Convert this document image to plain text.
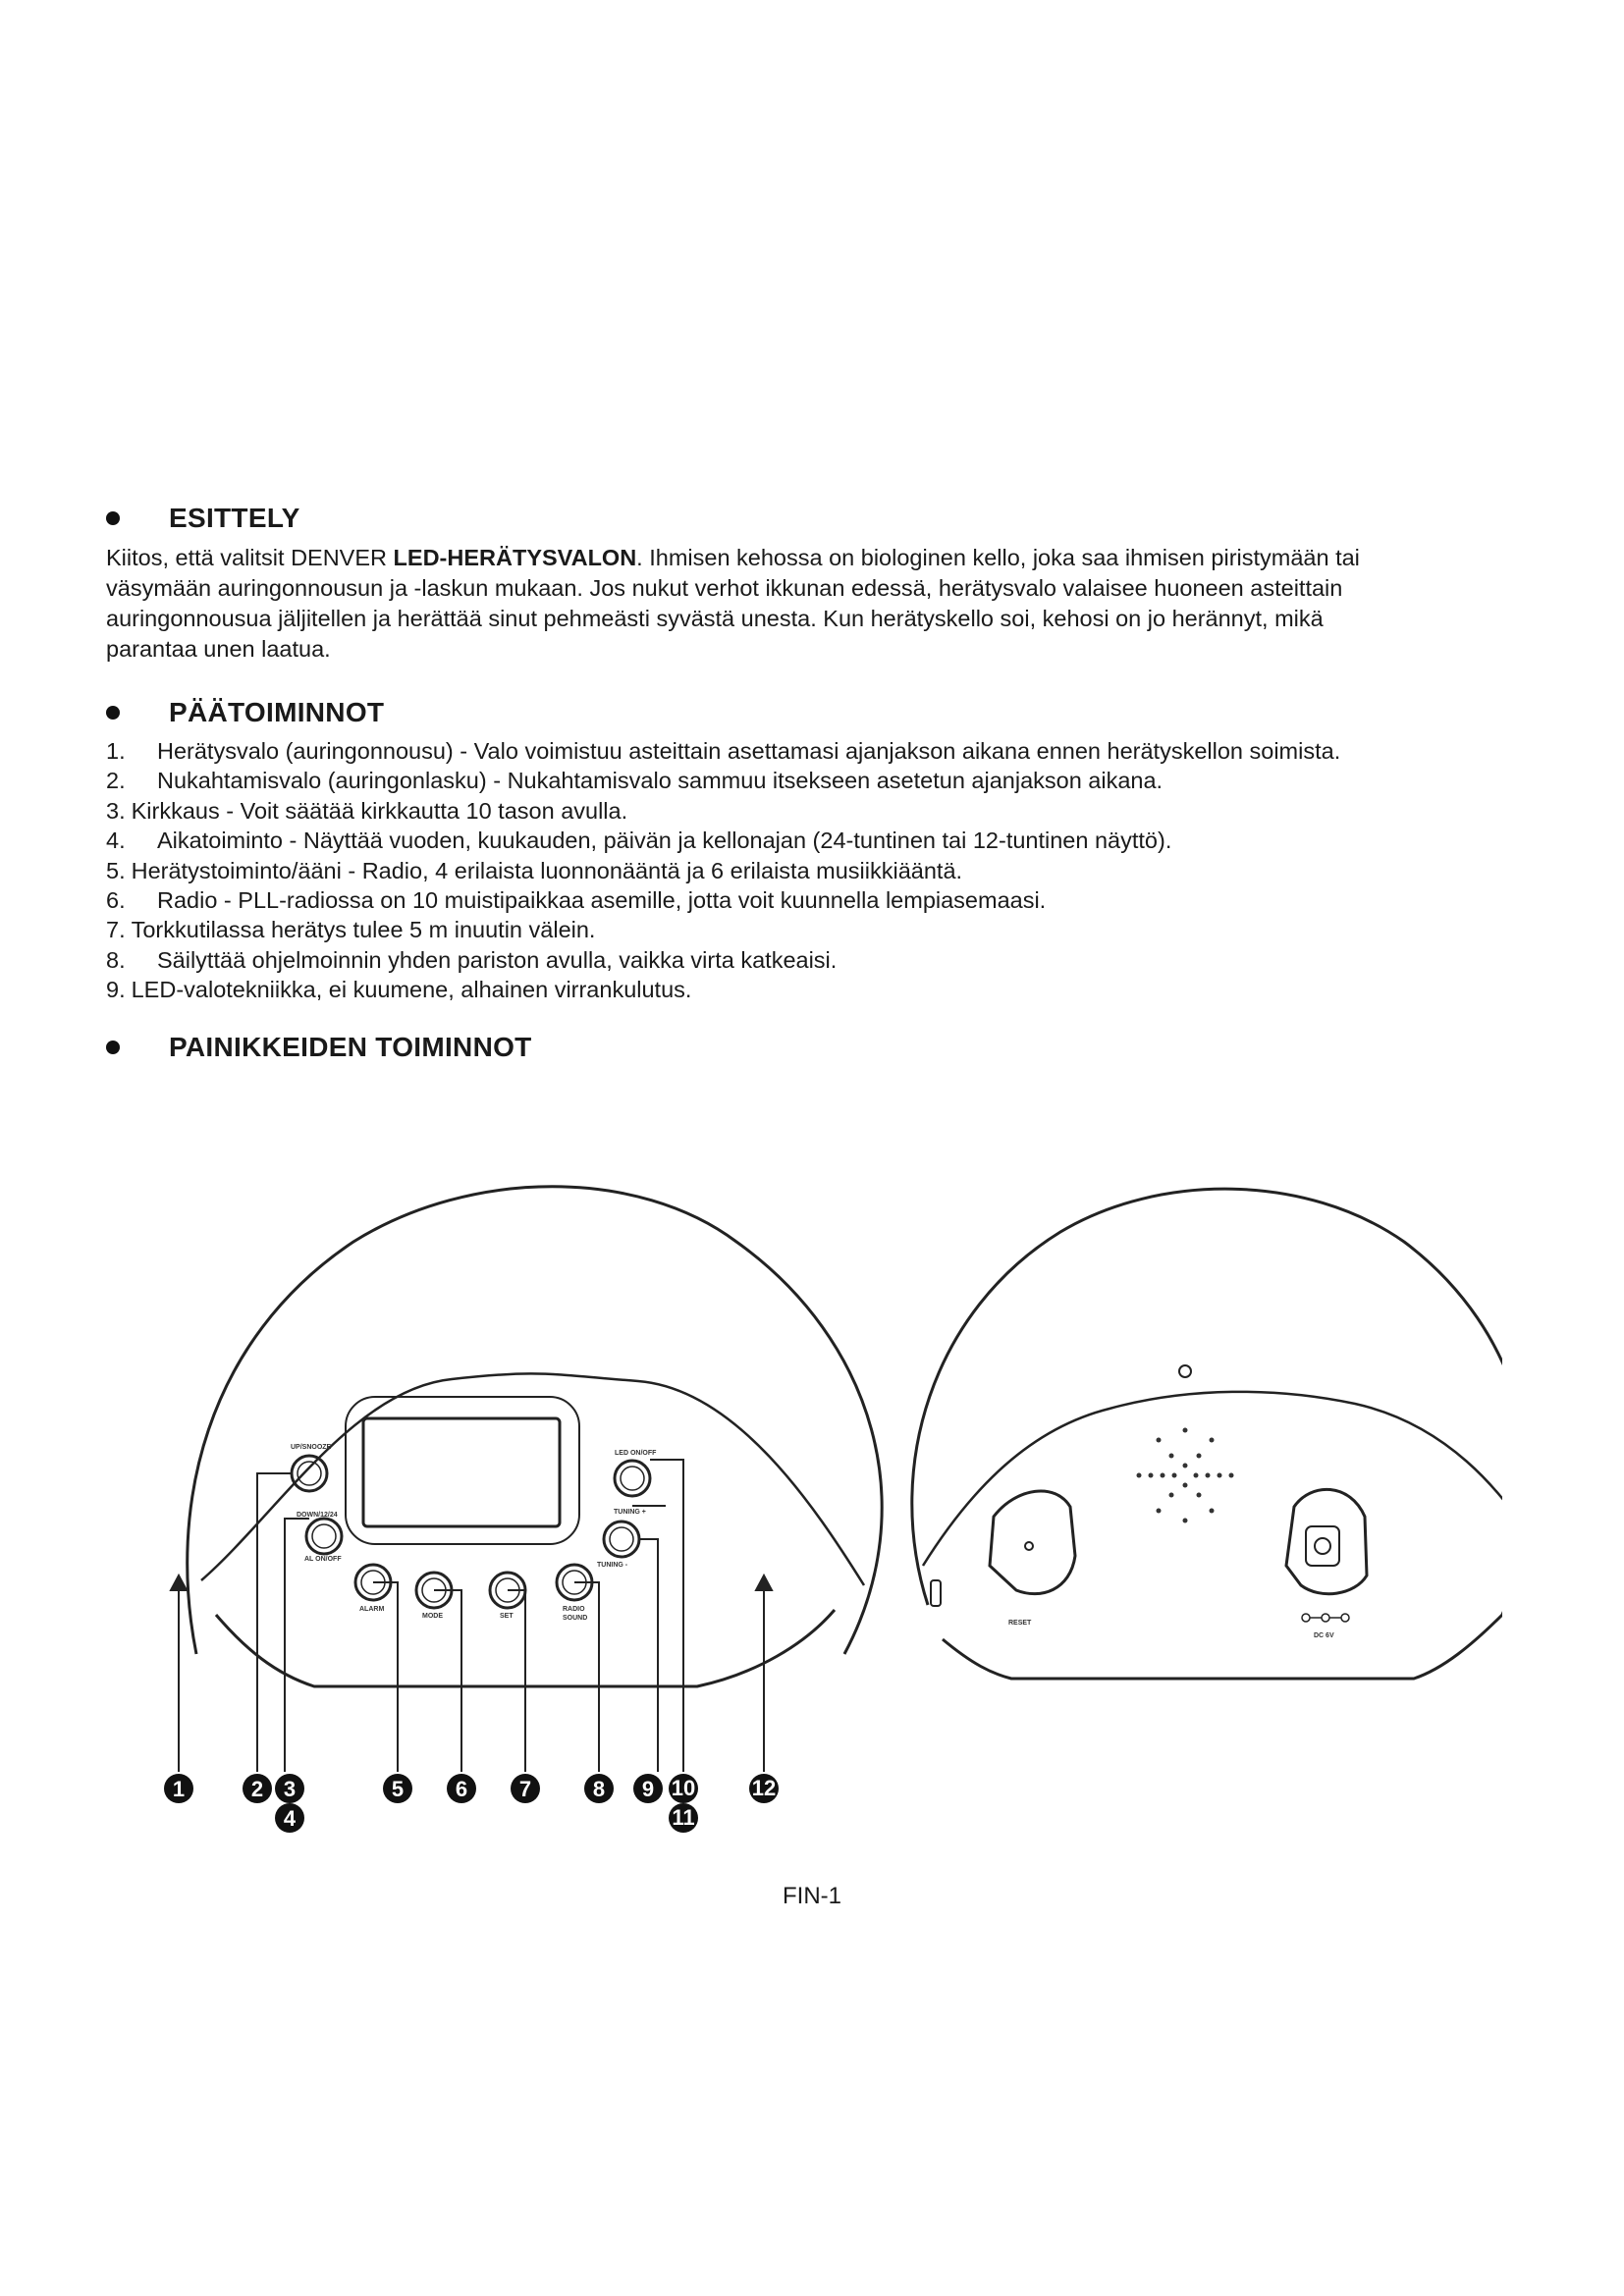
ESITTELY

Kiitos, että valitsit DENVER LED-HERÄTYSVALON. Ihmisen kehossa on biologinen kello, joka saa ihmisen piristymään tai

väsymään auringonnousun ja -laskun mukaan. Jos nukut verhot ikkunan edessä, herätysvalo valaisee huoneen asteittain

auringonnousua jäljitellen ja herättää sinut pehmeästi syvästä unesta. Kun herätyskello soi, kehosi on jo herännyt, mikä

parantaa unen laatua.

PÄÄTOIMINNOT
1.	Herätysvalo (auringonnousu) - Valo voimistuu asteittain asettamasi ajanjakson aikana ennen herätyskellon soimista.
2.	Nukahtamisvalo (auringonlasku) - Nukahtamisvalo sammuu itsekseen asetetun ajanjakson aikana.
3. Kirkkaus - Voit säätää kirkkautta 10 tason avulla.
4.	Aikatoiminto - Näyttää vuoden, kuukauden, päivän ja kellonajan (24-tuntinen tai 12-tuntinen näyttö).
5. Herätystoiminto/ääni - Radio, 4 erilaista luonnonääntä ja 6 erilaista musiikkiääntä.
6.	Radio - PLL-radiossa on 10 muistipaikkaa asemille, jotta voit kuunnella lempiasemaasi.
7. Torkkutilassa herätys tulee 5 m inuutin välein.
8.	Säilyttää ohjelmoinnin yhden pariston avulla, vaikka virta katkeaisi.
9. LED-valotekniikka, ei kuumene, alhainen virrankulutus.
PAINIKKEIDEN TOIMINNOT
UP/SNOOZE
DOWN/12/24
AL ON/OFF
ALARM
MODE	SET
RADIO
SOUND
LED ON/OFF
TUNING +
TUNING -
1	2 3
4
5 6 7	8 9 10
11
12
RESET
DC 6V
FIN-1
